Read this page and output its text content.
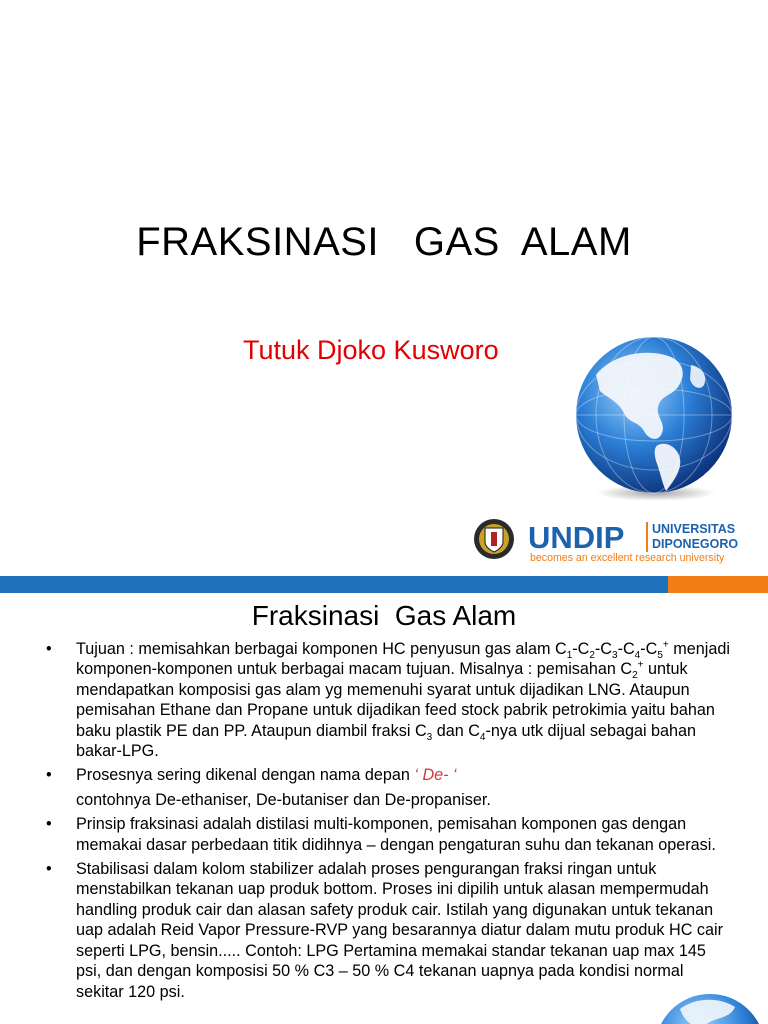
FRAKSINASI   GAS  ALAM
Tutuk Djoko Kusworo
UNDIP UNIVERSITAS
DIPONEGORO
becomes an excellent research university
Fraksinasi  Gas Alam
• Tujuan : memisahkan berbagai komponen HC penyusun gas alam $C_1-C_2-C_3-C_4-C_5^+$ menjadi komponen-komponen untuk berbagai macam tujuan. Misalnya : pemisahan $C_2^+$ untuk mendapatkan komposisi gas alam yg memenuhi syarat untuk dijadikan LNG. Ataupun pemisahan Ethane dan Propane untuk dijadikan feed stock pabrik petrokimia yaitu bahan baku plastik PE dan PP. Ataupun diambil fraksi $C_3$ dan $C_4$-nya utk dijual sebagai bahan bakar-LPG.
• Prosesnya sering dikenal dengan nama depan ‘ De- ‘
contohnya De-ethaniser, De-butaniser dan De-propaniser.
• Prinsip fraksinasi adalah distilasi multi-komponen, pemisahan komponen gas dengan memakai dasar perbedaan titik didihnya – dengan pengaturan suhu dan tekanan operasi.
• Stabilisasi dalam kolom stabilizer adalah proses pengurangan fraksi ringan untuk menstabilkan tekanan uap produk bottom. Proses ini dipilih untuk alasan mempermudah handling produk cair dan alasan safety produk cair. Istilah yang digunakan untuk tekanan uap adalah Reid Vapor Pressure-RVP yang besarannya diatur dalam mutu produk HC cair seperti LPG, bensin..... Contoh: LPG Pertamina memakai standar tekanan uap max 145 psi, dan dengan komposisi 50 % C3 – 50 % C4 tekanan uapnya pada kondisi normal sekitar 120 psi.
